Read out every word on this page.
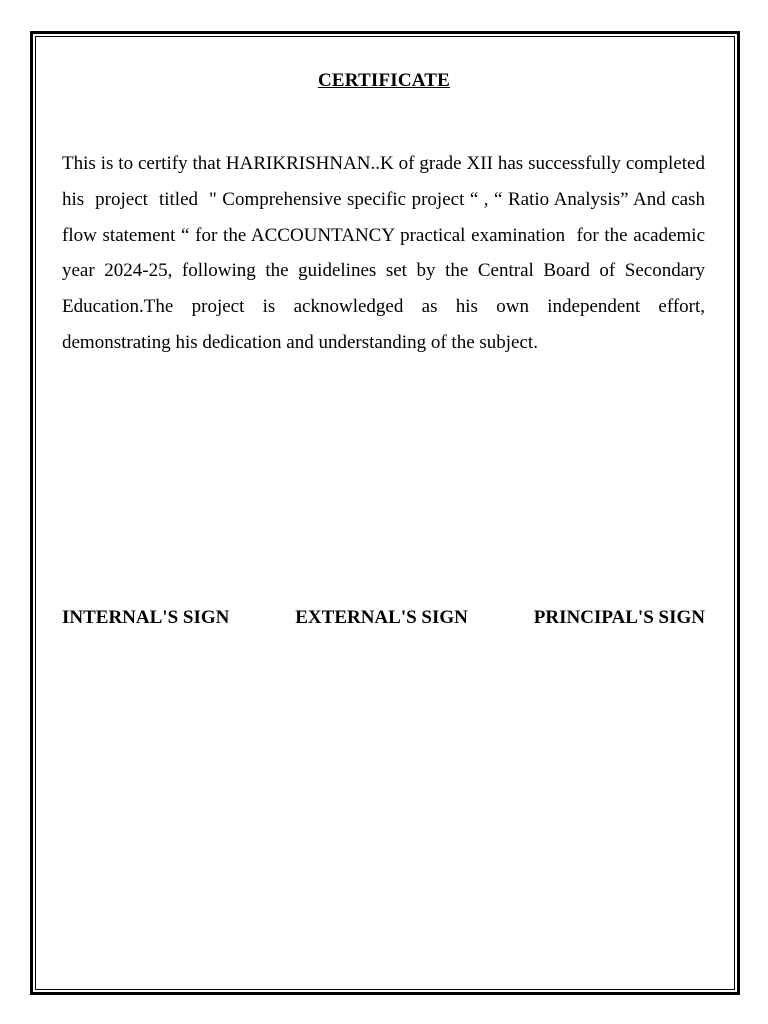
CERTIFICATE

This is to certify that HARIKRISHNAN..K of grade XII has successfully completed his  project  titled  " Comprehensive specific project “ , “ Ratio Analysis” And cash flow statement “ for the ACCOUNTANCY practical examination  for the academic year 2024-25, following the guidelines set by the Central Board of Secondary Education.The project is acknowledged as his own independent effort, demonstrating his dedication and understanding of the subject.

INTERNAL'S SIGN	EXTERNAL'S SIGN	PRINCIPAL'S SIGN
